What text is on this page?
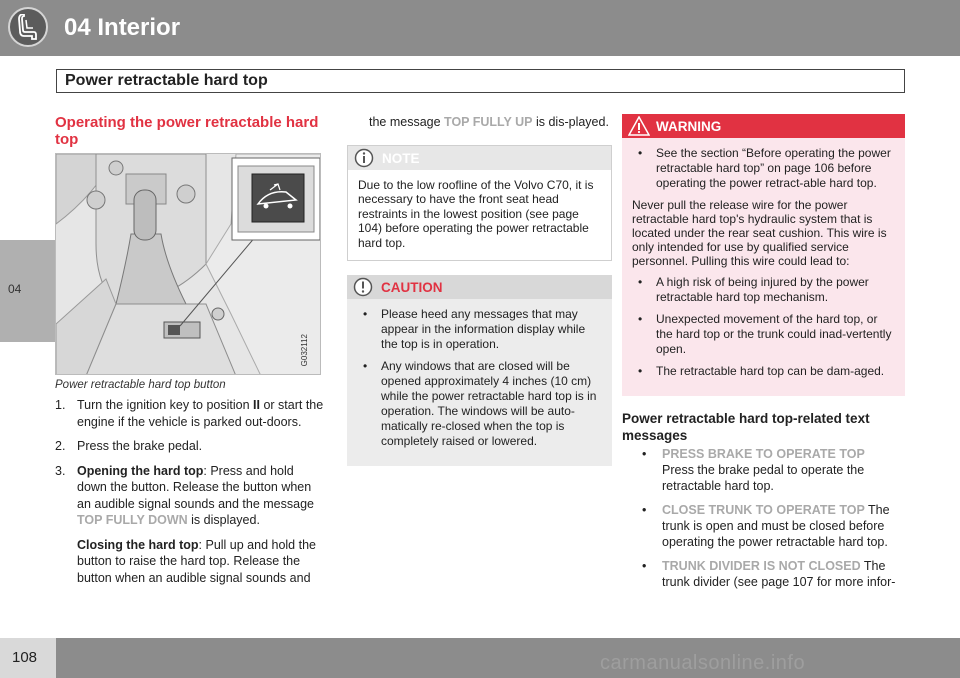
04 Interior
Power retractable hard top
04
Operating the power retractable hard top
G032112
Power retractable hard top button
1. Turn the ignition key to position II or start the engine if the vehicle is parked out-doors.
2. Press the brake pedal.
3. Opening the hard top: Press and hold down the button. Release the button when an audible signal sounds and the message TOP FULLY DOWN is displayed.
Closing the hard top: Pull up and hold the button to raise the hard top. Release the button when an audible signal sounds and
the message TOP FULLY UP is dis-played.
NOTE
Due to the low roofline of the Volvo C70, it is necessary to have the front seat head restraints in the lowest position (see page 104) before operating the power retractable hard top.
CAUTION
• Please heed any messages that may appear in the information display while the top is in operation.
• Any windows that are closed will be opened approximately 4 inches (10 cm) while the power retractable hard top is in operation. The windows will be auto-matically re-closed when the top is completely raised or lowered.
WARNING
• See the section “Before operating the power retractable hard top” on page 106 before operating the power retract-able hard top.
Never pull the release wire for the power retractable hard top's hydraulic system that is located under the rear seat cushion. This wire is only intended for use by qualified service personnel. Pulling this wire could lead to:
• A high risk of being injured by the power retractable hard top mechanism.
• Unexpected movement of the hard top, or the hard top or the trunk could inad-vertently open.
• The retractable hard top can be dam-aged.
Power retractable hard top-related text messages
• PRESS BRAKE TO OPERATE TOP
Press the brake pedal to operate the retractable hard top.
• CLOSE TRUNK TO OPERATE TOP The trunk is open and must be closed before operating the power retractable hard top.
• TRUNK DIVIDER IS NOT CLOSED The trunk divider (see page 107 for more infor-
108	carmanualsonline.info
